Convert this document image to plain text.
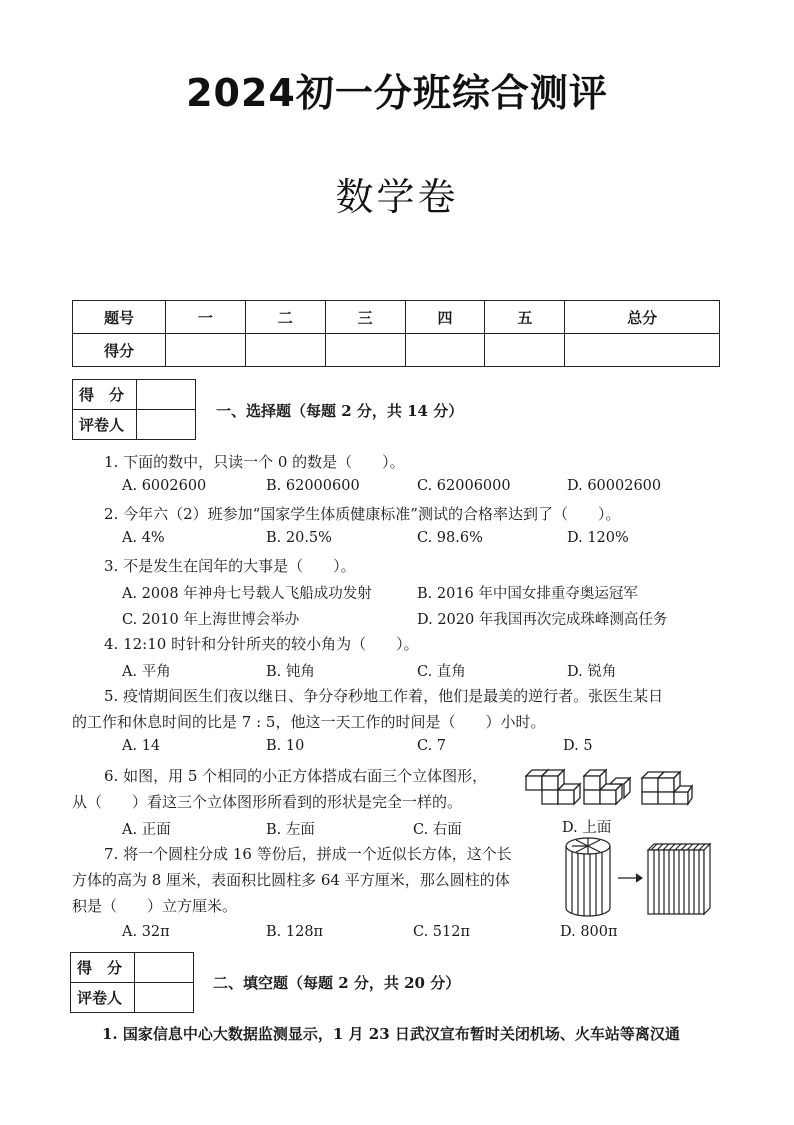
2024初一分班综合测评
数学卷
题号	一	二	三	四	五	总分
得分						
得　分	
评卷人	
一、选择题（每题 2 分，共 14 分）
1. 下面的数中，只读一个 0 的数是（　　）。
A. 6002600	B. 62000600	C. 62006000	D. 60002600
2. 今年六（2）班参加“国家学生体质健康标准”测试的合格率达到了（　　）。
A. 4%	B. 20.5%	C. 98.6%	D. 120%
3. 不是发生在闰年的大事是（　　）。
A. 2008 年神舟七号载人飞船成功发射	B. 2016 年中国女排重夺奥运冠军
C. 2010 年上海世博会举办	D. 2020 年我国再次完成珠峰测高任务
4. 12:10 时针和分针所夹的较小角为（　　）。
A. 平角	B. 钝角	C. 直角	D. 锐角
5. 疫情期间医生们夜以继日、争分夺秒地工作着，他们是最美的逆行者。张医生某日
的工作和休息时间的比是 7 : 5，他这一天工作的时间是（　　）小时。
A. 14	B. 10	C. 7	D. 5
6. 如图，用 5 个相同的小正方体搭成右面三个立体图形，
从（　　）看这三个立体图形所看到的形状是完全一样的。
A. 正面	B. 左面	C. 右面	D. 上面
7. 将一个圆柱分成 16 等份后，拼成一个近似长方体，这个长
方体的高为 8 厘米，表面积比圆柱多 64 平方厘米，那么圆柱的体
积是（　　）立方厘米。
A. 32π	B. 128π	C. 512π	D. 800π
得　分	
评卷人	
二、填空题（每题 2 分，共 20 分）
1. 国家信息中心大数据监测显示，1 月 23 日武汉宣布暂时关闭机场、火车站等离汉通
